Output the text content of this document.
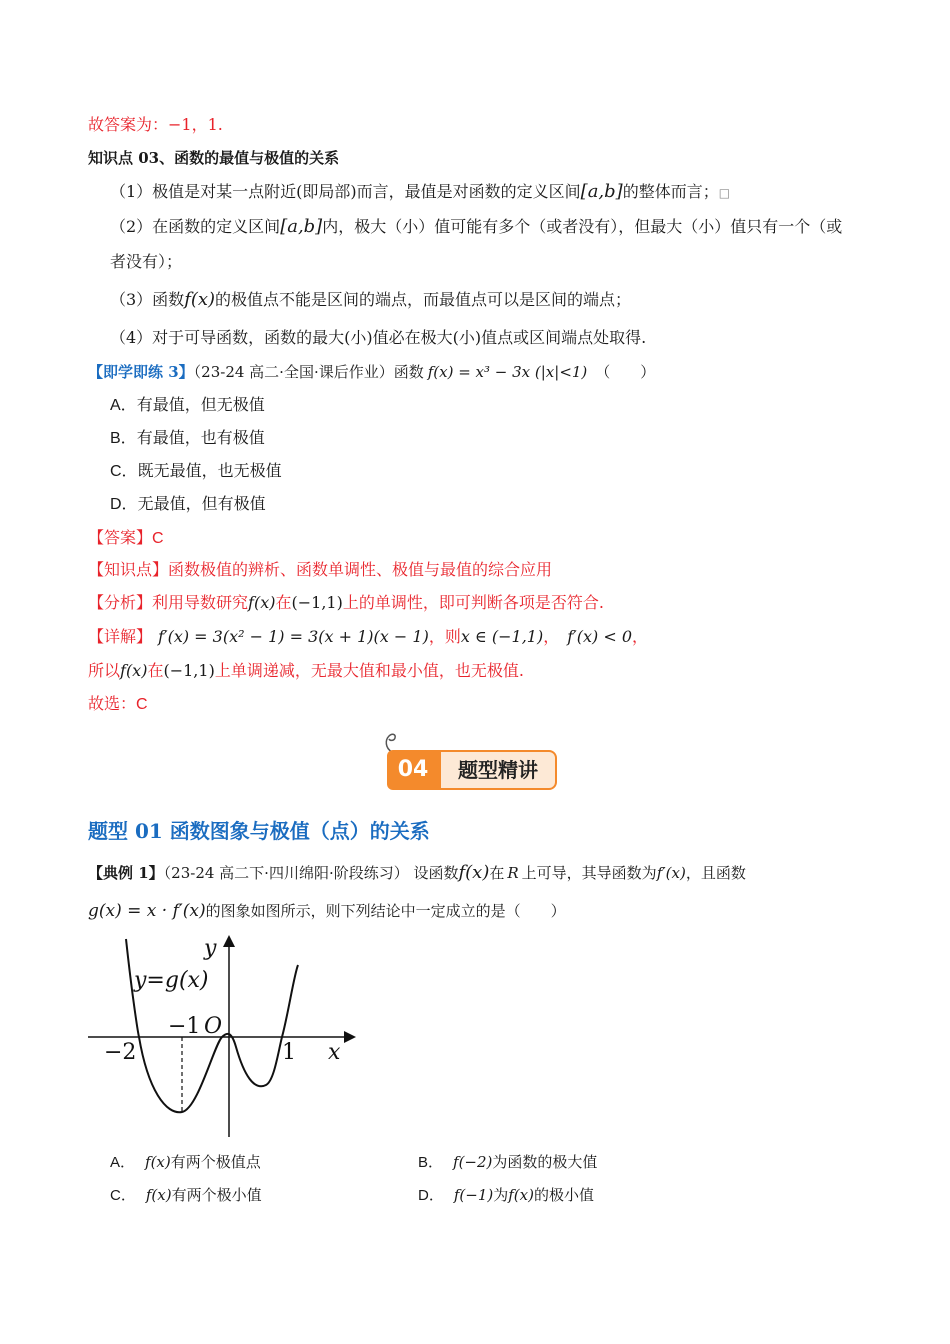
故答案为：−1，1.
知识点 03、函数的最值与极值的关系
（1）极值是对某一点附近(即局部)而言，最值是对函数的定义区间[a,b]的整体而言；□
（2）在函数的定义区间[a,b]内，极大（小）值可能有多个（或者没有），但最大（小）值只有一个（或
者没有）；
（3）函数f(x)的极值点不能是区间的端点，而最值点可以是区间的端点；
（4）对于可导函数，函数的最大(小)值必在极大(小)值点或区间端点处取得.
【即学即练 3】（23-24 高二·全国·课后作业）函数 f(x) = x³ − 3x (|x|<1) （　　）
A．有最值，但无极值
B．有最值，也有极值
C．既无最值，也无极值
D．无最值，但有极值
【答案】C
【知识点】函数极值的辨析、函数单调性、极值与最值的综合应用
【分析】利用导数研究f(x)在(−1,1)上的单调性，即可判断各项是否符合.
【详解】 f′(x) = 3(x² − 1) = 3(x + 1)(x − 1)，则x ∈ (−1,1)， f′(x) < 0，
所以f(x)在(−1,1)上单调递减，无最大值和最小值，也无极值.
故选：C
04	题型精讲
题型 01 函数图象与极值（点）的关系
【典例 1】（23-24 高二下·四川绵阳·阶段练习） 设函数f(x)在 R 上可导，其导函数为f′(x)，且函数
g(x) = x · f′(x)的图象如图所示，则下列结论中一定成立的是（　　）
y=g(x)
y
x
O
−1
−2	1
A． f(x)有两个极值点	B． f(−2)为函数的极大值
C． f(x)有两个极小值	D． f(−1)为f(x)的极小值
